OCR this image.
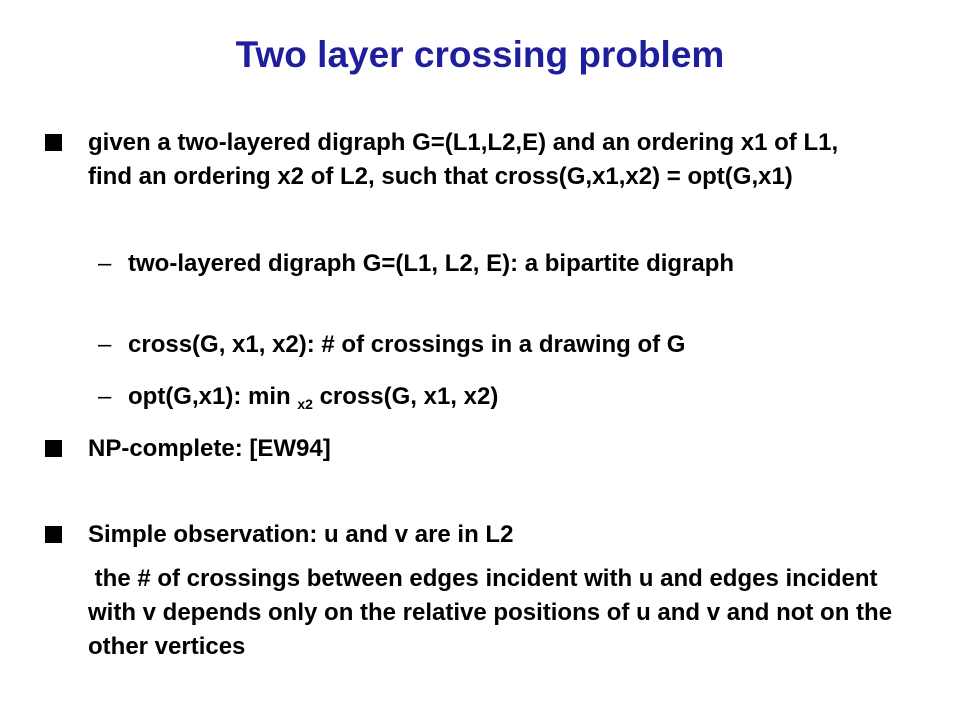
Two layer crossing problem
given a two-layered digraph G=(L1,L2,E) and an ordering x1 of L1, find an ordering x2 of L2, such that cross(G,x1,x2) = opt(G,x1)
– two-layered digraph G=(L1, L2, E): a bipartite digraph
– cross(G, x1, x2): # of crossings in a drawing of G
– opt(G,x1): min $_{x2}$ cross(G, x1, x2)
NP-complete: [EW94]
Simple observation: u and v are in L2
the # of crossings between edges incident with u and edges incident with v depends only on the relative positions of u and v and not on the other vertices
